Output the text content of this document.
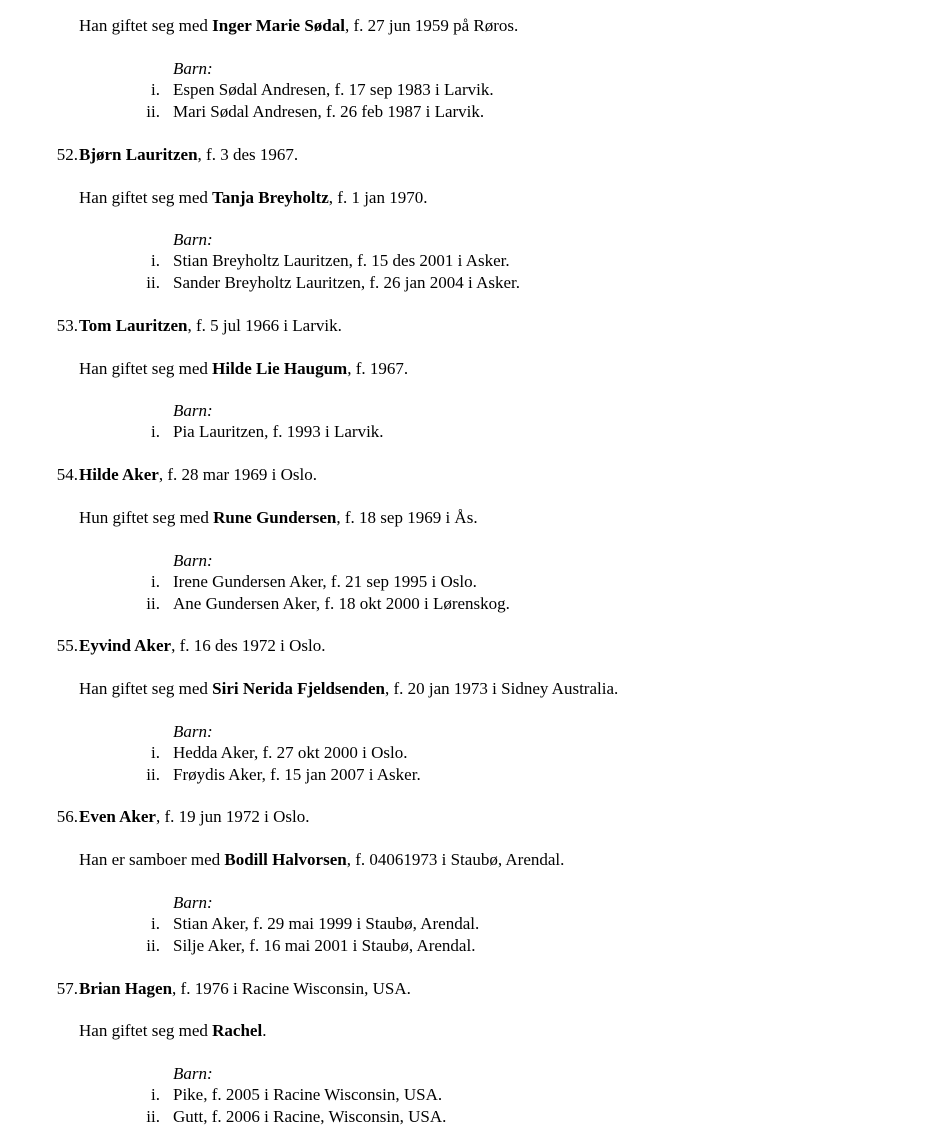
Han giftet seg med Inger Marie Sødal, f. 27 jun 1959 på Røros.
Barn:
i. Espen Sødal Andresen, f. 17 sep 1983 i Larvik.
ii. Mari Sødal Andresen, f. 26 feb 1987 i Larvik.
52. Bjørn Lauritzen, f. 3 des 1967.
Han giftet seg med Tanja Breyholtz, f. 1 jan 1970.
Barn:
i. Stian Breyholtz Lauritzen, f. 15 des 2001 i Asker.
ii. Sander Breyholtz Lauritzen, f. 26 jan 2004 i Asker.
53. Tom Lauritzen, f. 5 jul 1966 i Larvik.
Han giftet seg med Hilde Lie Haugum, f. 1967.
Barn:
i. Pia Lauritzen, f. 1993 i Larvik.
54. Hilde Aker, f. 28 mar 1969 i Oslo.
Hun giftet seg med Rune Gundersen, f. 18 sep 1969 i Ås.
Barn:
i. Irene Gundersen Aker, f. 21 sep 1995 i Oslo.
ii. Ane Gundersen Aker, f. 18 okt 2000 i Lørenskog.
55. Eyvind Aker, f. 16 des 1972 i Oslo.
Han giftet seg med Siri Nerida Fjeldsenden, f. 20 jan 1973 i Sidney Australia.
Barn:
i. Hedda Aker, f. 27 okt 2000 i Oslo.
ii. Frøydis Aker, f. 15 jan 2007 i Asker.
56. Even Aker, f. 19 jun 1972 i Oslo.
Han er samboer med Bodill Halvorsen, f. 04061973 i Staubø, Arendal.
Barn:
i. Stian Aker, f. 29 mai 1999 i Staubø, Arendal.
ii. Silje Aker, f. 16 mai 2001 i Staubø, Arendal.
57. Brian Hagen, f. 1976 i Racine Wisconsin, USA.
Han giftet seg med Rachel.
Barn:
i. Pike, f. 2005 i Racine Wisconsin, USA.
ii. Gutt, f. 2006 i Racine, Wisconsin, USA.
